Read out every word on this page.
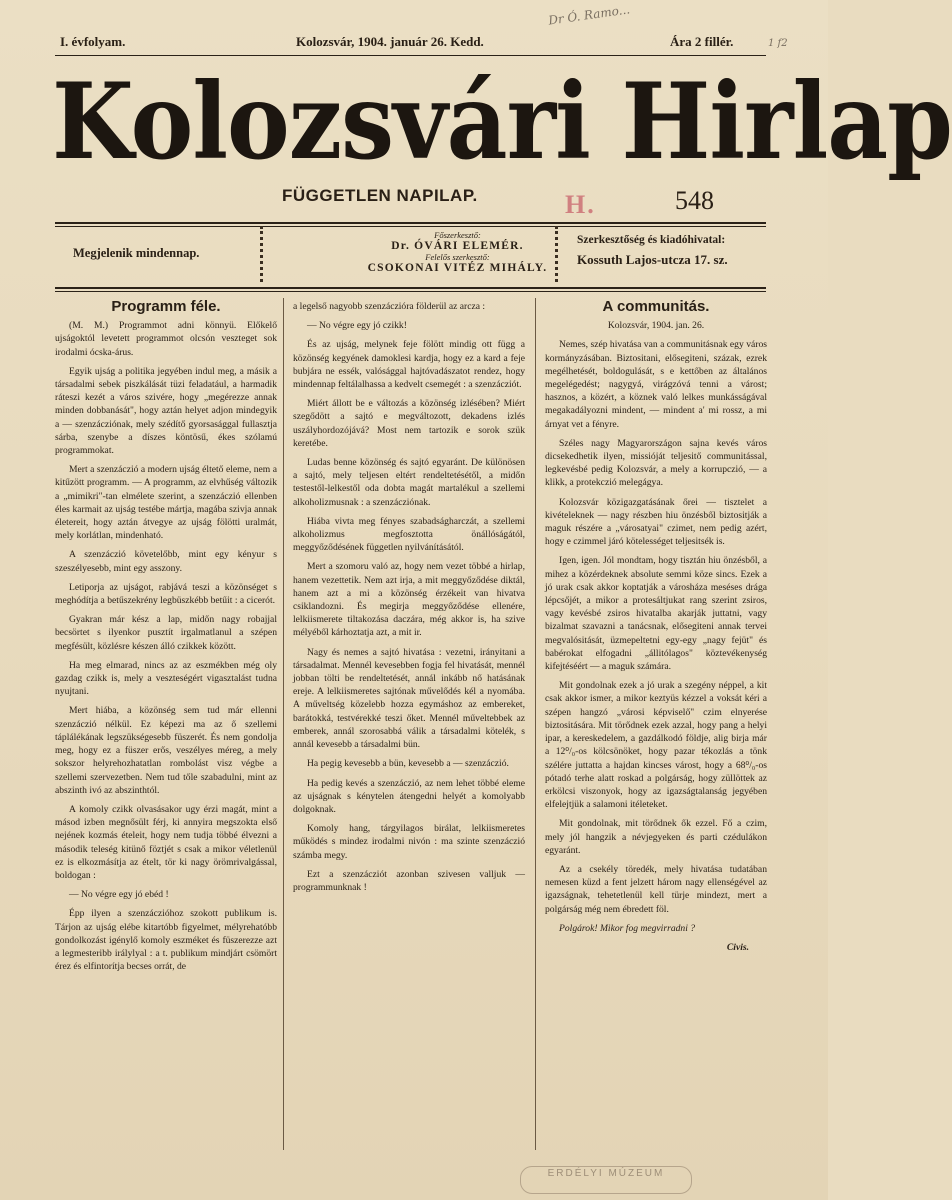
Dr Ó. Ramo...
1 f2
I. évfolyam.	Kolozsvár, 1904. január 26. Kedd.	Ára 2 fillér.
Kolozsvári Hirlap
FÜGGETLEN NAPILAP.	H.	548
Megjelenik mindennap.
Főszerkesztő:
Dr. ÓVÁRI ELEMÉR.
Felelős szerkesztő:
CSOKONAI VITÉZ MIHÁLY.
Szerkesztőség és kiadóhivatal:
Kossuth Lajos-utcza 17. sz.
Programm féle.

(M. M.) Programmot adni könnyü. Előkelő ujságoktól levetett programmot olcsón veszteget sok irodalmi ócska-árus.

Egyik ujság a politika jegyében indul meg, a másik a társadalmi sebek piszkálását tüzi feladatául, a harmadik ráteszi kezét a város szivére, hogy „megérezze annak minden dobbanását", hogy aztán helyet adjon mindegyik a — szenzácziónak, mely szédítő gyorsasággal fullasztja sárba, szenybe a díszes köntösű, ékes szólamú programmokat.

Mert a szenzáczió a modern ujság éltető eleme, nem a kitűzött programm. — A programm, az elvhűség változik a „mimikri"-tan elmélete szerint, a szenzáczió ellenben éles karmait az ujság testébe mártja, magába szivja annak életereit, hogy aztán átvegye az ujság fölötti uralmát, mely korlátlan, mindenható.

A szenzáczió követelőbb, mint egy kényur s szeszélyesebb, mint egy asszony.

Letiporja az ujságot, rabjává teszi a közönséget s meghódítja a betűszekrény legbüszkébb betűit : a cicerót.

Gyakran már kész a lap, midőn nagy robajjal becsörtet s ilyenkor pusztít irgalmatlanul a szépen megfésült, közlésre készen álló czikkek között.

Ha meg elmarad, nincs az az eszmékben még oly gazdag czikk is, mely a veszteségért vigasztalást tudna nyujtani.

Mert hiába, a közönség sem tud már ellenni szenzáczió nélkül. Ez képezi ma az ő szellemi táplálékának legszükségesebb füszerét. És nem gondolja meg, hogy ez a füszer erős, veszélyes méreg, a mely sokszor helyrehozhatatlan rombolást visz végbe a szellemi szervezetben. Nem tud tőle szabadulni, mint az abszinth ivó az abszinthtól.

A komoly czikk olvasásakor ugy érzi magát, mint a másod izben megnősült férj, ki annyira megszokta első nejének kozmás ételeit, hogy nem tudja többé élvezni a második teleség kitünő föztjét s csak a mikor véletlenül ez is elkozmásítja az ételt, tör ki nagy örömrivalgással, boldogan :

— No végre egy jó ebéd !

Épp ilyen a szenzáczióhoz szokott publikum is. Tárjon az ujság elébe kitartóbb figyelmet, mélyrehatóbb gondolkozást igénylő komoly eszméket és füszerezze azt a legmesteribb irálylyal : a t. publikum mindjárt csömört érez és elfintorítja becses orrát, de

a legelső nagyobb szenzáczióra földerül az arcza :

— No végre egy jó czikk!

És az ujság, melynek feje fölött mindig ott függ a közönség kegyének damoklesi kardja, hogy ez a kard a feje bubjára ne essék, valósággal hajtóvadászatot rendez, hogy mindennap feltálalhassa a kedvelt csemegét : a szenzácziót.

Miért állott be e változás a közönség izlésében? Miért szegődött a sajtó e megváltozott, dekadens izlés uszályhordozójává? Most nem tartozik e sorok szük keretébe.

Ludas benne közönség és sajtó egyaránt. De különösen a sajtó, mely teljesen eltért rendeltetésétől, a midőn testestől-lelkestől oda dobta magát martalékul a szellemi alkoholizmusnak : a szenzácziónak.

Hiába vivta meg fényes szabadságharczát, a szellemi alkoholizmus megfosztotta önállóságától, meggyőződésének független nyilvánításától.

Mert a szomoru való az, hogy nem vezet többé a hirlap, hanem vezettetik. Nem azt irja, a mit meggyőződése diktál, hanem azt a mi a közönség érzékeit van hivatva csiklandozni. És megirja meggyőződése ellenére, lelkiismerete tiltakozása daczára, még akkor is, ha szive mélyéből kárhoztatja azt, a mit ir.

Nagy és nemes a sajtó hivatása : vezetni, irányitani a társadalmat. Mennél kevesebben fogja fel hivatását, mennél jobban tölti be rendeltetését, annál inkább nő hatásának ereje. A lelkiismeretes sajtónak művelődés kél a nyomába. A műveltség közelebb hozza egymáshoz az embereket, barátokká, testvérekké teszi őket. Mennél műveltebbek az emberek, annál szorosabbá válik a társadalmi kötelék, s annál kevesebb a társadalmi bün.

Ha pegig kevesebb a bün, kevesebb a — szenzáczió.

Ha pedig kevés a szenzáczió, az nem lehet többé eleme az ujságnak s kénytelen átengedni helyét a komolyabb dolgoknak.

Komoly hang, tárgyilagos birálat, lelkiismeretes működés s mindez irodalmi nivón : ma szinte szenzáczió számba megy.

Ezt a szenzácziót azonban szivesen valljuk — programmunknak !

A communitás.

Kolozsvár, 1904. jan. 26.

Nemes, szép hivatása van a communitásnak egy város kormányzásában. Biztositani, elősegiteni, százak, ezrek megélhetését, boldogulását, s e kettőben az általános megelégedést; nagygyá, virágzóvá tenni a várost; hasznos, a közért, a köznek való lelkes munkásságával megakadályozni mindent, — mindent a' mi rossz, a mi árnyat vet a fényre.

Széles nagy Magyarországon sajna kevés város dicsekedhetik ilyen, missióját teljesitő communitással, legkevésbé pedig Kolozsvár, a mely a korrupczió, — a klikk, a protekczió melegágya.

Kolozsvár közigazgatásának őrei — tisztelet a kivételeknek — nagy részben hiu önzésből biztositják a maguk részére a „városatyai" czimet, nem pedig azért, hogy e czimmel járó kötelességet teljesitsék is.

Igen, igen. Jól mondtam, hogy tisztán hiu önzésből, a mihez a közérdeknek absolute semmi köze sincs. Ezek a jó urak csak akkor koptatják a városháza meséses drága lépcsőjét, a mikor a protesáltjukat rang szerint zsiros, vagy kevésbé zsiros hivatalba akarják juttatni, vagy bizalmat szavazni a tanácsnak, elősegiteni annak tervei megvalósitását, üzmepeltetni egy-egy „nagy fejüt" és babérokat elfogadni „állitólagos" köztevékenység kifejtéséért — a maguk számára.

Mit gondolnak ezek a jó urak a szegény néppel, a kit csak akkor ismer, a mikor keztyüs kézzel a voksát kéri a szépen hangzó „városi képviselő" czim elnyerése biztositására. Mit törődnek ezek azzal, hogy pang a helyi ipar, a kereskedelem, a gazdálkodó földje, alig birja már a 12⁰/₀-os kölcsönöket, hogy pazar tékozlás a tönk szélére juttatta a hajdan kincses várost, hogy a 68⁰/₀-os pótadó terhe alatt roskad a polgárság, hogy züllöttek az erkölcsi viszonyok, hogy az igazságtalanság jegyében elfelejtjük a salamoni itéleteket.

Mit gondolnak, mit törődnek ők ezzel. Fő a czim, mely jól hangzik a névjegyeken és parti czédulákon egyaránt.

Az a csekély töredék, mely hivatása tudatában nemesen küzd a fent jelzett három nagy ellenségével az igazságnak, tehetetlenül kell türje mindezt, mert a polgárság még nem ébredett föl.

Polgárok! Mikor fog megvirradni ?

Civis.
ERDÉLYI MÚZEUM
